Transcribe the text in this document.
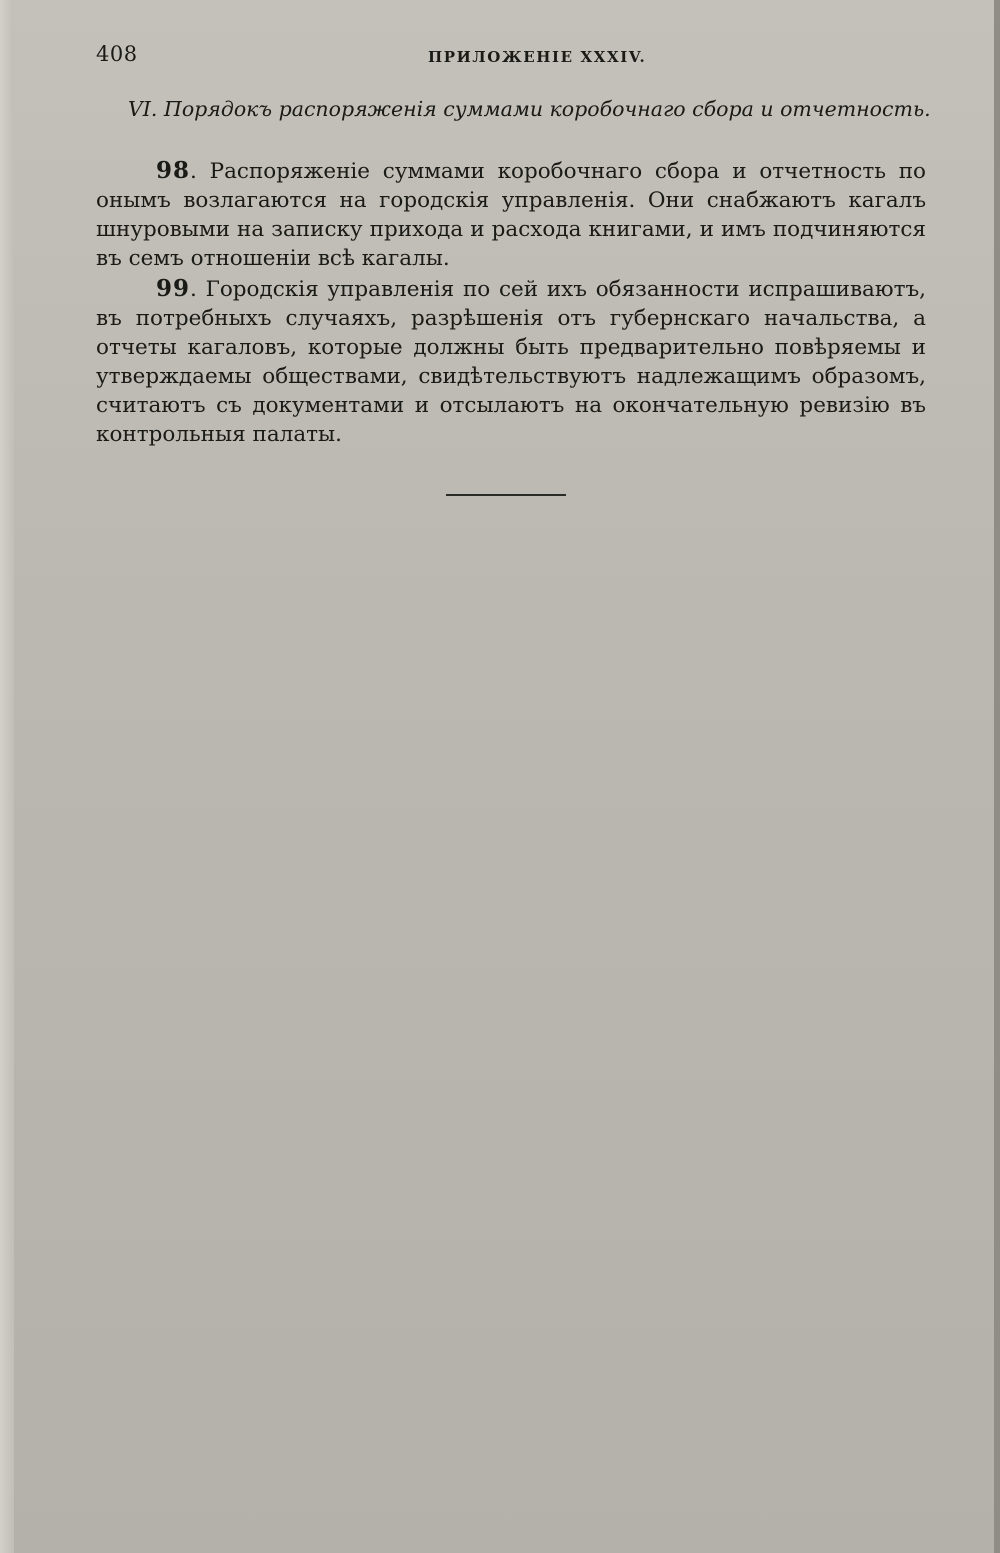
408	ПРИЛОЖЕНІЕ XXXIV.
VI. Порядокъ распоряженія суммами коробочнаго сбора и отчетность.

98. Распоряженіе суммами коробочнаго сбора и отчетность по онымъ возлагаются на городскія управленія. Они снабжаютъ кагалъ шнуровыми на записку прихода и расхода книгами, и имъ подчиняются въ семъ отношеніи всѣ кагалы.

99. Городскія управленія по сей ихъ обязанности испрашиваютъ, въ потребныхъ случаяхъ, разрѣшенія отъ губернскаго начальства, а отчеты кагаловъ, которые должны быть предварительно повѣряемы и утверждаемы обществами, свидѣтельствуютъ надлежащимъ образомъ, считаютъ съ документами и отсылаютъ на окончательную ревизію въ контрольныя палаты.
